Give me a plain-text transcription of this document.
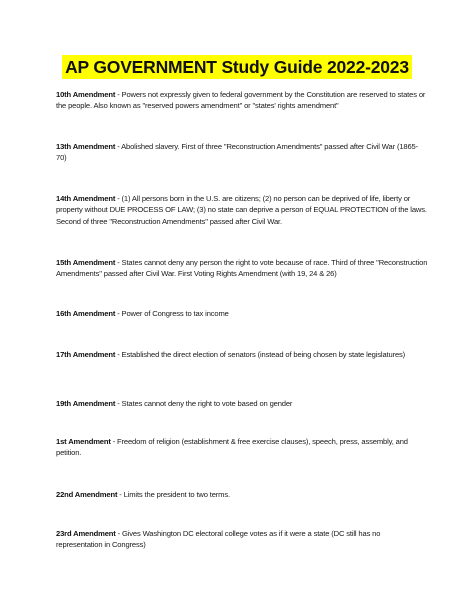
AP GOVERNMENT Study Guide 2022-2023
10th Amendment - Powers not expressly given to federal government by the Constitution are reserved to states or the people. Also known as "reserved powers amendment" or "states' rights amendment"
13th Amendment - Abolished slavery. First of three "Reconstruction Amendments" passed after Civil War (1865-70)
14th Amendment - (1) All persons born in the U.S. are citizens; (2) no person can be deprived of life, liberty or property without DUE PROCESS OF LAW; (3) no state can deprive a person of EQUAL PROTECTION of the laws. Second of three "Reconstruction Amendments" passed after Civil War.
15th Amendment - States cannot deny any person the right to vote because of race. Third of three "Reconstruction Amendments" passed after Civil War. First Voting Rights Amendment (with 19, 24 & 26)
16th Amendment - Power of Congress to tax income
17th Amendment - Established the direct election of senators (instead of being chosen by state legislatures)
19th Amendment - States cannot deny the right to vote based on gender
1st Amendment - Freedom of religion (establishment & free exercise clauses), speech, press, assembly, and petition.
22nd Amendment - Limits the president to two terms.
23rd Amendment - Gives Washington DC electoral college votes as if it were a state (DC still has no representation in Congress)
